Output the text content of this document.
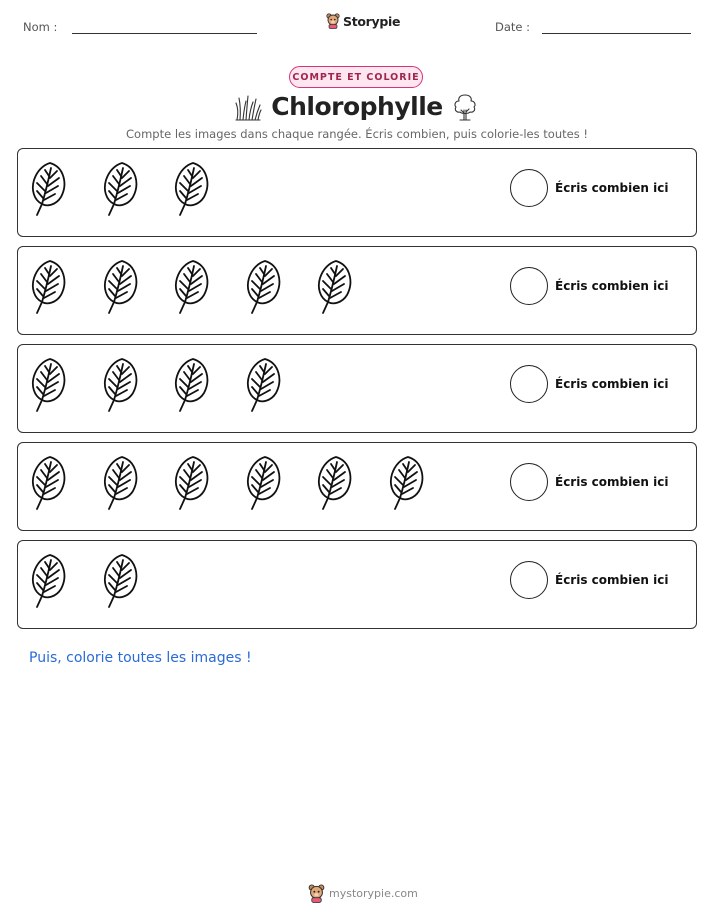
Nom :	Storypie	Date :
COMPTE ET COLORIE
Chlorophylle
Compte les images dans chaque rangée. Écris combien, puis colorie-les toutes !
Écris combien ici
Écris combien ici
Écris combien ici
Écris combien ici
Écris combien ici
Puis, colorie toutes les images !
mystorypie.com
